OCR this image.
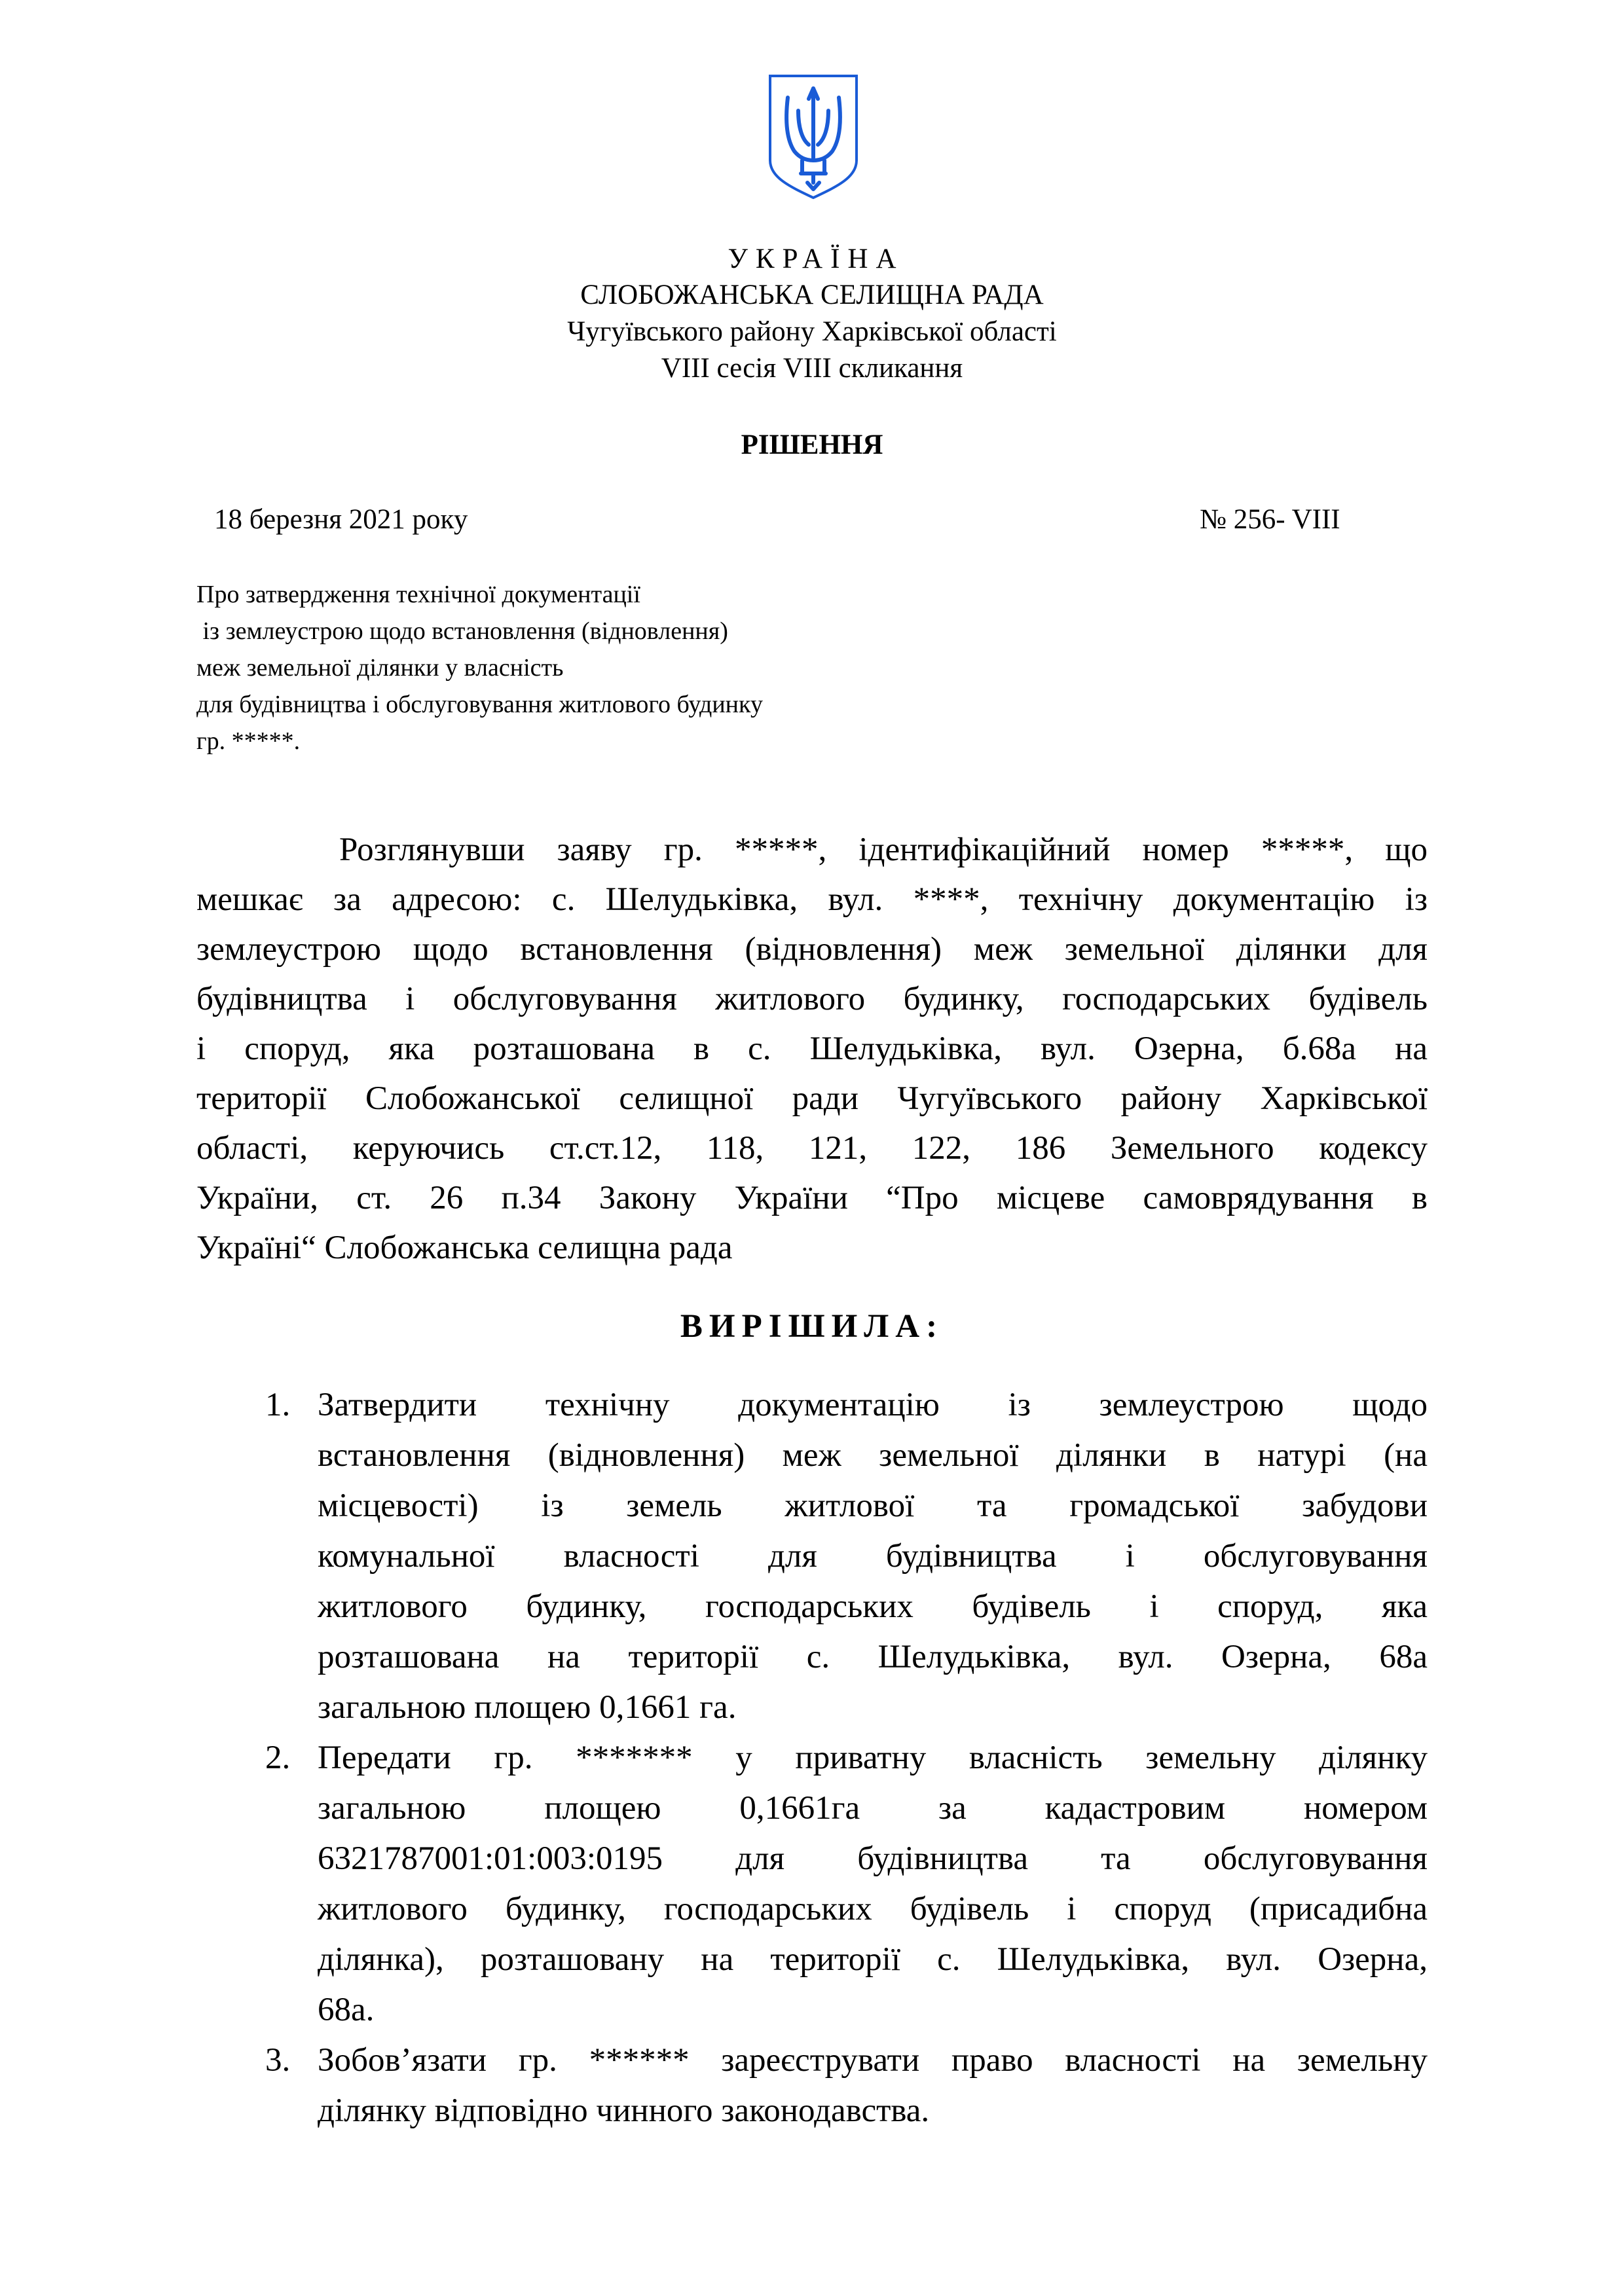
УКРАЇНА
СЛОБОЖАНСЬКА СЕЛИЩНА РАДА
Чугуївського району Харківської області
VIII сесія VIII скликання
РІШЕННЯ
18 березня 2021 року	№ 256- VIII
Про затвердження технічної документації
із землеустрою щодо встановлення (відновлення)
меж земельної ділянки у власність
для будівництва і обслуговування житлового будинку
гр. *****.
Розглянувши заяву гр. *****, ідентифікаційний номер *****, що
мешкає за адресою: с. Шелудьківка, вул. ****, технічну документацію із
землеустрою щодо встановлення (відновлення) меж земельної ділянки для
будівництва і обслуговування житлового будинку, господарських будівель
і споруд, яка розташована в с. Шелудьківка, вул. Озерна, б.68а на
території Слобожанської селищної ради Чугуївського району Харківської
області, керуючись ст.ст.12, 118, 121, 122, 186 Земельного кодексу
України, ст. 26 п.34 Закону України “Про місцеве самоврядування в
Україні“ Слобожанська селищна рада
ВИРІШИЛА:
1. Затвердити технічну документацію із землеустрою щодо
встановлення (відновлення) меж земельної ділянки в натурі (на
місцевості) із земель житлової та громадської забудови
комунальної власності для будівництва і обслуговування
житлового будинку, господарських будівель і споруд, яка
розташована на території с. Шелудьківка, вул. Озерна, 68а
загальною площею 0,1661 га.
2. Передати гр. ******* у приватну власність земельну ділянку
загальною площею 0,1661га за кадастровим номером
6321787001:01:003:0195 для будівництва та обслуговування
житлового будинку, господарських будівель і споруд (присадибна
ділянка), розташовану на території с. Шелудьківка, вул. Озерна,
68а.
3. Зобов’язати гр. ****** зареєструвати право власності на земельну
ділянку відповідно чинного законодавства.
